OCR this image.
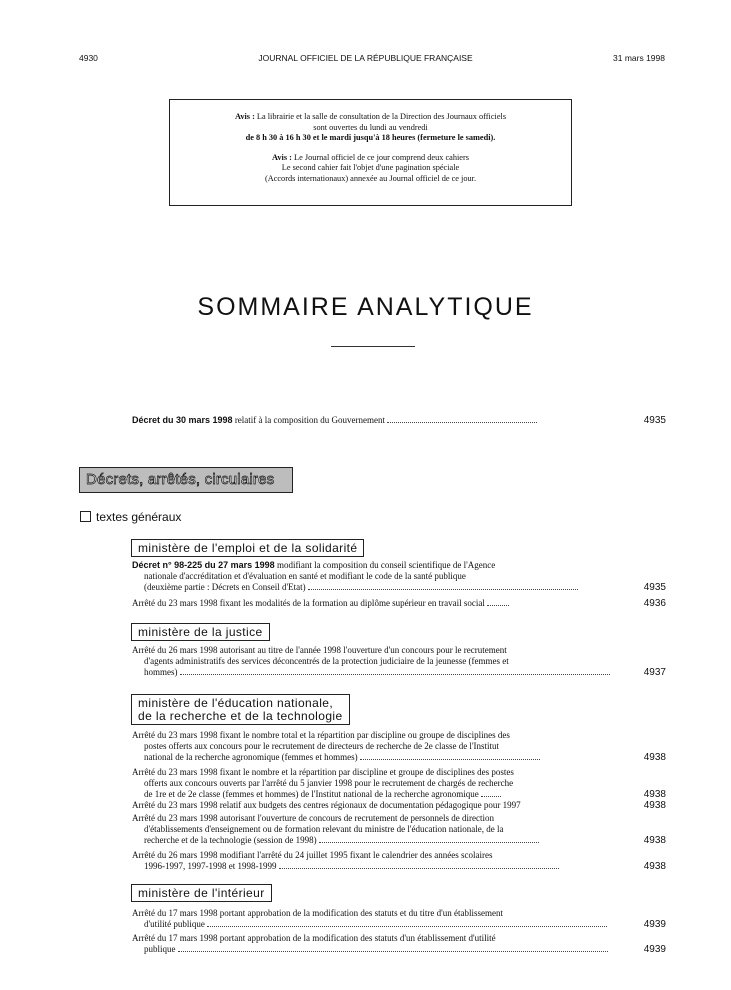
4930	JOURNAL OFFICIEL DE LA RÉPUBLIQUE FRANÇAISE	31 mars 1998

Avis : La librairie et la salle de consultation de la Direction des Journaux officiels

sont ouvertes du lundi au vendredi

de 8 h 30 à 16 h 30 et le mardi jusqu'à 18 heures (fermeture le samedi).

Avis : Le Journal officiel de ce jour comprend deux cahiers

Le second cahier fait l'objet d'une pagination spéciale

(Accords internationaux) annexée au Journal officiel de ce jour.

SOMMAIRE ANALYTIQUE
Décret du 30 mars 1998 relatif à la composition du Gouvernement	4935
Décrets, arrêtés, circulaires
textes généraux
ministère de l'emploi et de la solidarité
Décret n° 98-225 du 27 mars 1998 modifiant la composition du conseil scientifique de l'Agence
nationale d'accréditation et d'évaluation en santé et modifiant le code de la santé publique
(deuxième partie : Décrets en Conseil d'Etat)	4935
Arrêté du 23 mars 1998 fixant les modalités de la formation au diplôme supérieur en travail social	4936
ministère de la justice
Arrêté du 26 mars 1998 autorisant au titre de l'année 1998 l'ouverture d'un concours pour le recrutement
d'agents administratifs des services déconcentrés de la protection judiciaire de la jeunesse (femmes et
hommes)	4937
ministère de l'éducation nationale,
de la recherche et de la technologie
Arrêté du 23 mars 1998 fixant le nombre total et la répartition par discipline ou groupe de disciplines des
postes offerts aux concours pour le recrutement de directeurs de recherche de 2e classe de l'Institut
national de la recherche agronomique (femmes et hommes)	4938
Arrêté du 23 mars 1998 fixant le nombre et la répartition par discipline et groupe de disciplines des postes
offerts aux concours ouverts par l'arrêté du 5 janvier 1998 pour le recrutement de chargés de recherche
de 1re et de 2e classe (femmes et hommes) de l'Institut national de la recherche agronomique	4938
Arrêté du 23 mars 1998 relatif aux budgets des centres régionaux de documentation pédagogique pour 1997	4938
Arrêté du 23 mars 1998 autorisant l'ouverture de concours de recrutement de personnels de direction
d'établissements d'enseignement ou de formation relevant du ministre de l'éducation nationale, de la
recherche et de la technologie (session de 1998)	4938
Arrêté du 26 mars 1998 modifiant l'arrêté du 24 juillet 1995 fixant le calendrier des années scolaires
1996-1997, 1997-1998 et 1998-1999	4938
ministère de l'intérieur
Arrêté du 17 mars 1998 portant approbation de la modification des statuts et du titre d'un établissement
d'utilité publique	4939
Arrêté du 17 mars 1998 portant approbation de la modification des statuts d'un établissement d'utilité
publique	4939
